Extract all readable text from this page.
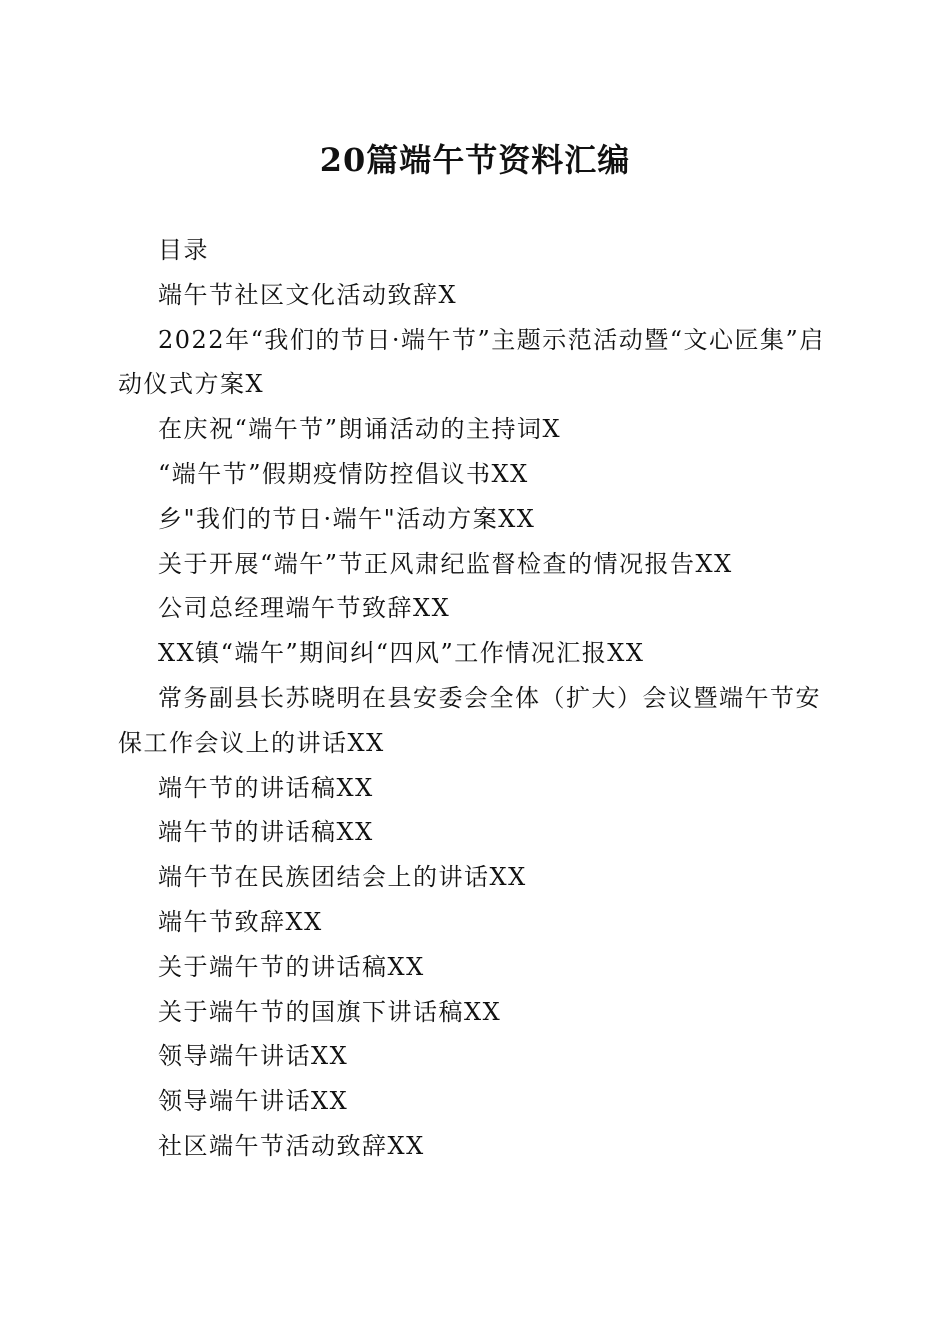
20篇端午节资料汇编

目录

端午节社区文化活动致辞X

2022年“我们的节日·端午节”主题示范活动暨“文心匠集”启动仪式方案X

在庆祝“端午节”朗诵活动的主持词X

“端午节”假期疫情防控倡议书XX

乡"我们的节日·端午"活动方案XX

关于开展“端午”节正风肃纪监督检查的情况报告XX

公司总经理端午节致辞XX

XX镇“端午”期间纠“四风”工作情况汇报XX

常务副县长苏晓明在县安委会全体（扩大）会议暨端午节安保工作会议上的讲话XX

端午节的讲话稿XX

端午节的讲话稿XX

端午节在民族团结会上的讲话XX

端午节致辞XX

关于端午节的讲话稿XX

关于端午节的国旗下讲话稿XX

领导端午讲话XX

领导端午讲话XX

社区端午节活动致辞XX
